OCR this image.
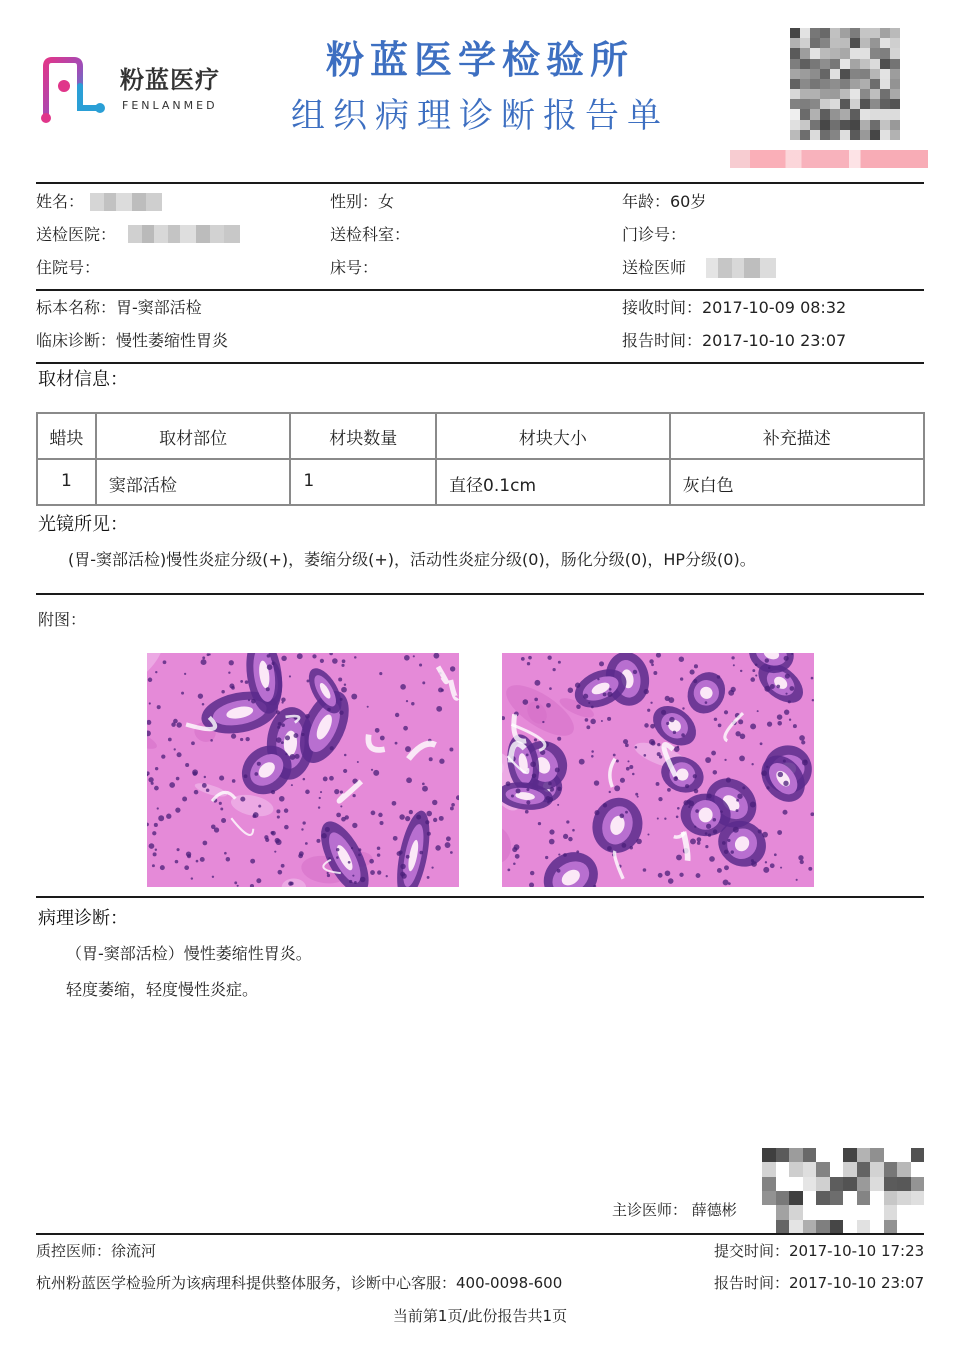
粉蓝医疗
FENLANMED
粉蓝医学检验所
组织病理诊断报告单
姓名：	性别：女	年龄：60岁
送检医院：	送检科室：	门诊号：
住院号：	床号：	送检医师
标本名称：胃-窦部活检	接收时间：2017-10-09 08:32
临床诊断：慢性萎缩性胃炎	报告时间：2017-10-10 23:07
取材信息：
蜡块	取材部位	材块数量	材块大小	补充描述
1	窦部活检	1	直径0.1cm	灰白色
光镜所见：
(胃-窦部活检)慢性炎症分级(+)，萎缩分级(+)，活动性炎症分级(0)，肠化分级(0)，HP分级(0)。
附图：
病理诊断：
（胃-窦部活检）慢性萎缩性胃炎。
轻度萎缩，轻度慢性炎症。
主诊医师： 薛德彬
质控医师：徐流河	提交时间：2017-10-10 17:23
杭州粉蓝医学检验所为该病理科提供整体服务，诊断中心客服：400-0098-600	报告时间：2017-10-10 23:07
当前第1页/此份报告共1页
